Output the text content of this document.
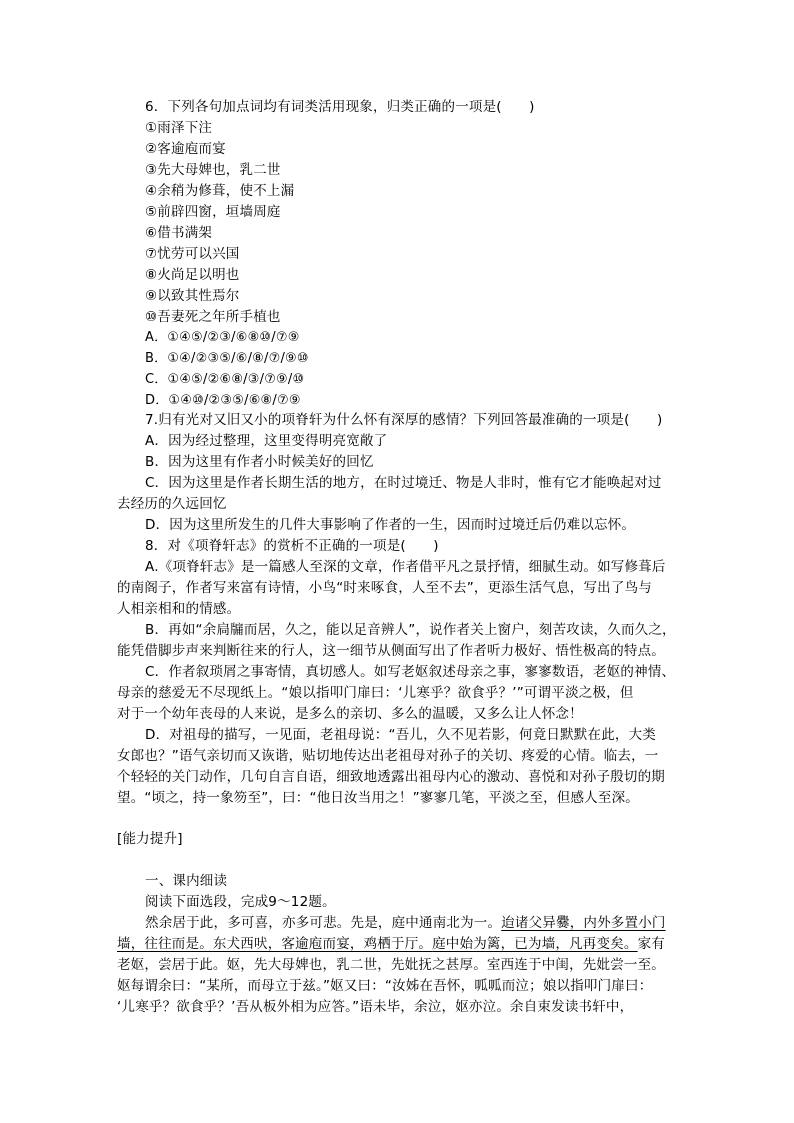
6．下列各句加点词均有词类活用现象，归类正确的一项是(　　)
①雨泽下注
②客逾庖而宴
③先大母婢也，乳二世
④余稍为修葺，使不上漏
⑤前辟四窗，垣墙周庭
⑥借书满架
⑦忧劳可以兴国
⑧火尚足以明也
⑨以致其性焉尔
⑩吾妻死之年所手植也
A．①④⑤/②③/⑥⑧⑩/⑦⑨
B．①④/②③⑤/⑥/⑧/⑦/⑨⑩
C．①④⑤/②⑥⑧/③/⑦⑨/⑩
D．①④⑩/②③⑤/⑥⑧/⑦⑨
7.归有光对又旧又小的项脊轩为什么怀有深厚的感情？下列回答最准确的一项是(　　)
A．因为经过整理，这里变得明亮宽敞了
B．因为这里有作者小时候美好的回忆
C．因为这里是作者长期生活的地方，在时过境迁、物是人非时，惟有它才能唤起对过
去经历的久远回忆
D．因为这里所发生的几件大事影响了作者的一生，因而时过境迁后仍难以忘怀。
8．对《项脊轩志》的赏析不正确的一项是(　　)
A.《项脊轩志》是一篇感人至深的文章，作者借平凡之景抒情，细腻生动。如写修葺后
的南阁子，作者写来富有诗情，小鸟“时来啄食，人至不去”，更添生活气息，写出了鸟与
人相亲相和的情感。
B．再如“余扃牖而居，久之，能以足音辨人”，说作者关上窗户，刻苦攻读，久而久之，
能凭借脚步声来判断往来的行人，这一细节从侧面写出了作者听力极好、悟性极高的特点。
C．作者叙琐屑之事寄情，真切感人。如写老妪叙述母亲之事，寥寥数语，老妪的神情、
母亲的慈爱无不尽现纸上。“娘以指叩门扉曰：‘儿寒乎？欲食乎？’”可谓平淡之极，但
对于一个幼年丧母的人来说，是多么的亲切、多么的温暖，又多么让人怀念！
D．对祖母的描写，一见面，老祖母说：“吾儿，久不见若影，何竟日默默在此，大类
女郎也？”语气亲切而又诙谐，贴切地传达出老祖母对孙子的关切、疼爱的心情。临去，一
个轻轻的关门动作，几句自言自语，细致地透露出祖母内心的激动、喜悦和对孙子殷切的期
望。“顷之，持一象笏至”，曰：“他日汝当用之！”寥寥几笔，平淡之至，但感人至深。
[能力提升]
一、课内细读
阅读下面选段，完成9～12题。
然余居于此，多可喜，亦多可悲。先是，庭中通南北为一。迨诸父异爨，内外多置小门
墙，往往而是。东犬西吠，客逾庖而宴，鸡栖于厅。庭中始为篱，已为墙，凡再变矣。家有
老妪，尝居于此。妪，先大母婢也，乳二世，先妣抚之甚厚。室西连于中闺，先妣尝一至。
妪每谓余曰：“某所，而母立于兹。”妪又曰：“汝姊在吾怀，呱呱而泣；娘以指叩门扉曰：
‘儿寒乎？欲食乎？’吾从板外相为应答。”语未毕，余泣，妪亦泣。余自束发读书轩中，
